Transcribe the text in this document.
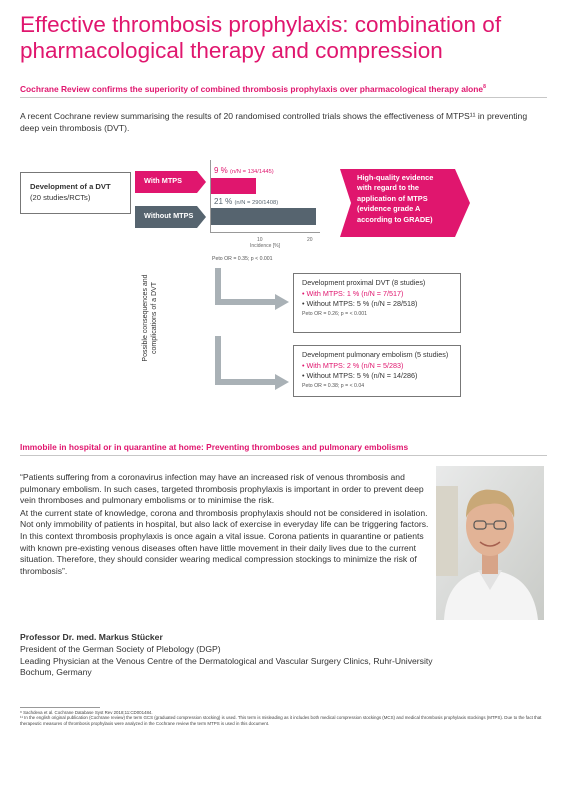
Effective thrombosis prophylaxis: combination of pharmacological therapy and compression
Cochrane Review confirms the superiority of combined thrombosis prophylaxis over pharmacological therapy alone$^8$
A recent Cochrane review summarising the results of 20 randomised controlled trials shows the effectiveness of MTPS¹¹ in preventing deep vein thrombosis (DVT).
Development of a DVT
(20 studies/RCTs)
With MTPS
Without MTPS
9 % (n/N = 134/1445)
21 % (n/N = 290/1408)
10	20
Incidence [%]
Peto OR = 0.35; p < 0.001
High-quality evidence
with regard to the
application of MTPS
(evidence grade A
according to GRADE)
Possible consequences and complications of a DVT	Development proximal DVT (8 studies)
• With MTPS: 1 % (n/N = 7/517)
• Without MTPS: 5 % (n/N = 28/518)
Peto OR = 0.26; p = < 0.001
Development pulmonary embolism (5 studies)
• With MTPS: 2 % (n/N = 5/283)
• Without MTPS: 5 % (n/N = 14/286)
Peto OR = 0.38; p = < 0.04
Immobile in hospital or in quarantine at home: Preventing thromboses and pulmonary embolisms

“Patients suffering from a coronavirus infection may have an increased risk of venous thrombosis and pulmonary embolism. In such cases, targeted thrombosis prophylaxis is important in order to prevent deep vein thromboses and pulmonary embolisms or to minimise the risk.

At the current state of knowledge, corona and thrombosis prophylaxis should not be considered in isolation. Not only immobility of patients in hospital, but also lack of exercise in everyday life can be triggering factors. In this context thrombosis prophylaxis is once again a vital issue. Corona patients in quarantine or patients with known pre-existing venous diseases often have little movement in their daily lives due to the current situation. Therefore, they should consider wearing medical compression stockings to minimize the risk of thrombosis”.

Professor Dr. med. Markus Stücker
President of the German Society of Plebology (DGP)
Leading Physician at the Venous Centre of the Dermatological and Vascular Surgery Clinics, Ruhr-University Bochum, Germany
⁸ Sachdeva et al. Cochrane Database Syst Rev 2018;11:CD001484.
¹¹ In the english original publication (Cochrane review) the term GCS (graduated compression stocking) is used. This term is misleading as it includes both medical compression stockings (MCS) and medical thrombosis prophylaxis stockings (MTPS). Due to the fact that therapeutic measures of thrombosis prophylaxis were analyzed in the Cochrane review the term MTPS is used in this document.
